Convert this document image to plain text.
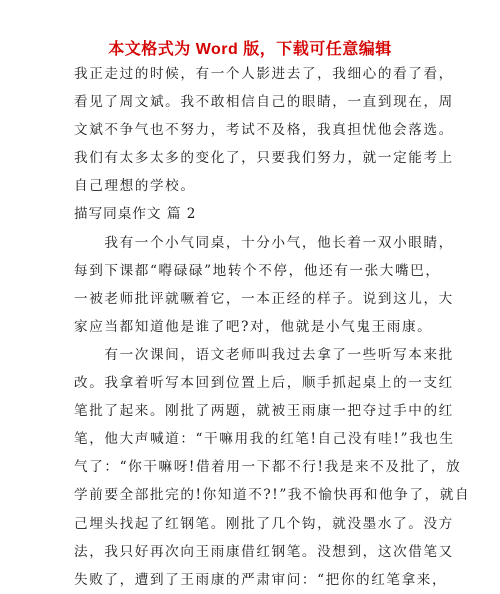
本文格式为 Word 版，下载可任意编辑
我正走过的时候，有一个人影进去了，我细心的看了看，
看见了周文斌。我不敢相信自己的眼睛，一直到现在，周
文斌不争气也不努力，考试不及格，我真担忧他会落选。
我们有太多太多的变化了，只要我们努力，就一定能考上
自己理想的学校。
描写同桌作文 篇 2
　　我有一个小气同桌，十分小气，他长着一双小眼睛，
每到下课都“嘚碌碌”地转个不停，他还有一张大嘴巴，
一被老师批评就噘着它，一本正经的样子。说到这儿，大
家应当都知道他是谁了吧?对，他就是小气鬼王雨康。
　　有一次课间，语文老师叫我过去拿了一些听写本来批
改。我拿着听写本回到位置上后，顺手抓起桌上的一支红
笔批了起来。刚批了两题，就被王雨康一把夺过手中的红
笔，他大声喊道：“干嘛用我的红笔!自己没有哇!”我也生
气了：“你干嘛呀!借着用一下都不行!我是来不及批了，放
学前要全部批完的!你知道不?!”我不愉快再和他争了，就自
己埋头找起了红钢笔。刚批了几个钩，就没墨水了。没方
法，我只好再次向王雨康借红钢笔。没想到，这次借笔又
失败了，遭到了王雨康的严肃审问：“把你的红笔拿来，
